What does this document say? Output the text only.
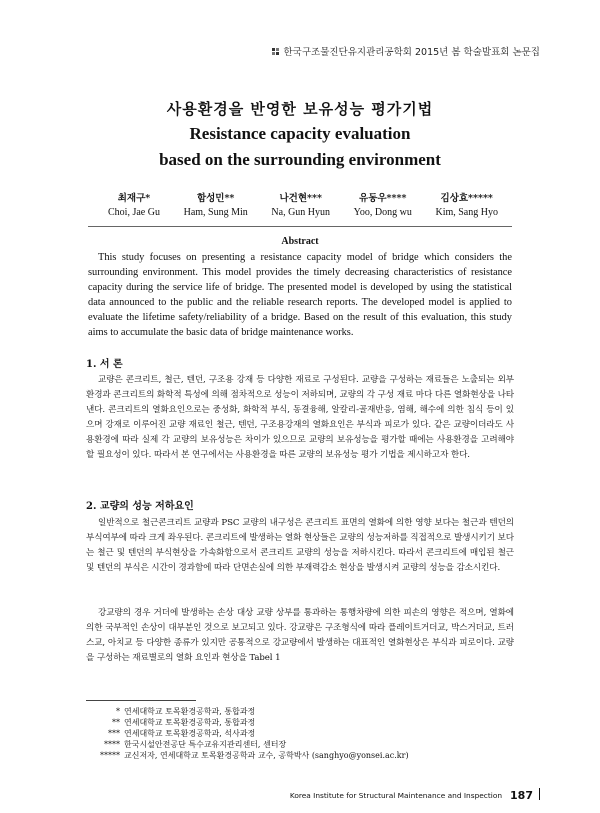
한국구조물진단유지관리공학회 2015년 봄 학술발표회 논문집
사용환경을 반영한 보유성능 평가기법
Resistance capacity evaluation
based on the surrounding environment
최재구*
Choi, Jae Gu
함성민**
Ham, Sung Min
나건현***
Na, Gun Hyun
유동우****
Yoo, Dong wu
김상효*****
Kim, Sang Hyo
Abstract

This study focuses on presenting a resistance capacity model of bridge which considers the surrounding environment. This model provides the timely decreasing characteristics of resistance capacity during the service life of bridge. The presented model is developed by using the statistical data announced to the public and the reliable research reports. The developed model is applied to evaluate the lifetime safety/reliability of a bridge. Based on the result of this evaluation, this study aims to accumulate the basic data of bridge maintenance works.

1. 서 론

교량은 콘크리트, 철근, 텐던, 구조용 강재 등 다양한 재료로 구성된다. 교량을 구성하는 재료들은 노출되는 외부환경과 콘크리트의 화학적 특성에 의해 점차적으로 성능이 저하되며, 교량의 각 구성 재료 마다 다른 열화현상을 나타낸다. 콘크리트의 열화요인으로는 중성화, 화학적 부식, 동결융해, 알칼리-골재반응, 염해, 해수에 의한 침식 등이 있으며 강재로 이루어진 교량 재료인 철근, 텐던, 구조용강재의 열화요인은 부식과 피로가 있다. 같은 교량이더라도 사용환경에 따라 실제 각 교량의 보유성능은 차이가 있으므로 교량의 보유성능을 평가할 때에는 사용환경을 고려해야 할 필요성이 있다. 따라서 본 연구에서는 사용환경을 따른 교량의 보유성능 평가 기법을 제시하고자 한다.

2. 교량의 성능 저하요인

일반적으로 철근콘크리트 교량과 PSC 교량의 내구성은 콘크리트 표면의 열화에 의한 영향 보다는 철근과 텐던의 부식여부에 따라 크게 좌우된다. 콘크리트에 발생하는 열화 현상들은 교량의 성능저하를 직접적으로 발생시키기 보다는 철근 및 텐던의 부식현상을 가속화함으로서 콘크리트 교량의 성능을 저하시킨다. 따라서 콘크리트에 매입된 철근 및 텐던의 부식은 시간이 경과함에 따라 단면손실에 의한 부재력감소 현상을 발생시켜 교량의 성능을 감소시킨다.

강교량의 경우 거더에 발생하는 손상 대상 교량 상부를 통과하는 통행차량에 의한 피손의 영향은 적으며, 열화에 의한 국부적인 손상이 대부분인 것으로 보고되고 있다. 강교량은 구조형식에 따라 플레이트거더교, 박스거더교, 트러스교, 아치교 등 다양한 종류가 있지만 공통적으로 강교량에서 발생하는 대표적인 열화현상은 부식과 피로이다. 교량을 구성하는 재료별로의 열화 요인과 현상을 Tabel 1

* 연세대학교 토목환경공학과, 통합과정
** 연세대학교 토목환경공학과, 통합과정
*** 연세대학교 토목환경공학과, 석사과정
**** 한국시설안전공단 특수교유지관리센터, 센터장
***** 교신저자, 연세대학교 토목환경공학과 교수, 공학박사 (sanghyo@yonsei.ac.kr)
Korea Institute for Structural Maintenance and Inspection 187
